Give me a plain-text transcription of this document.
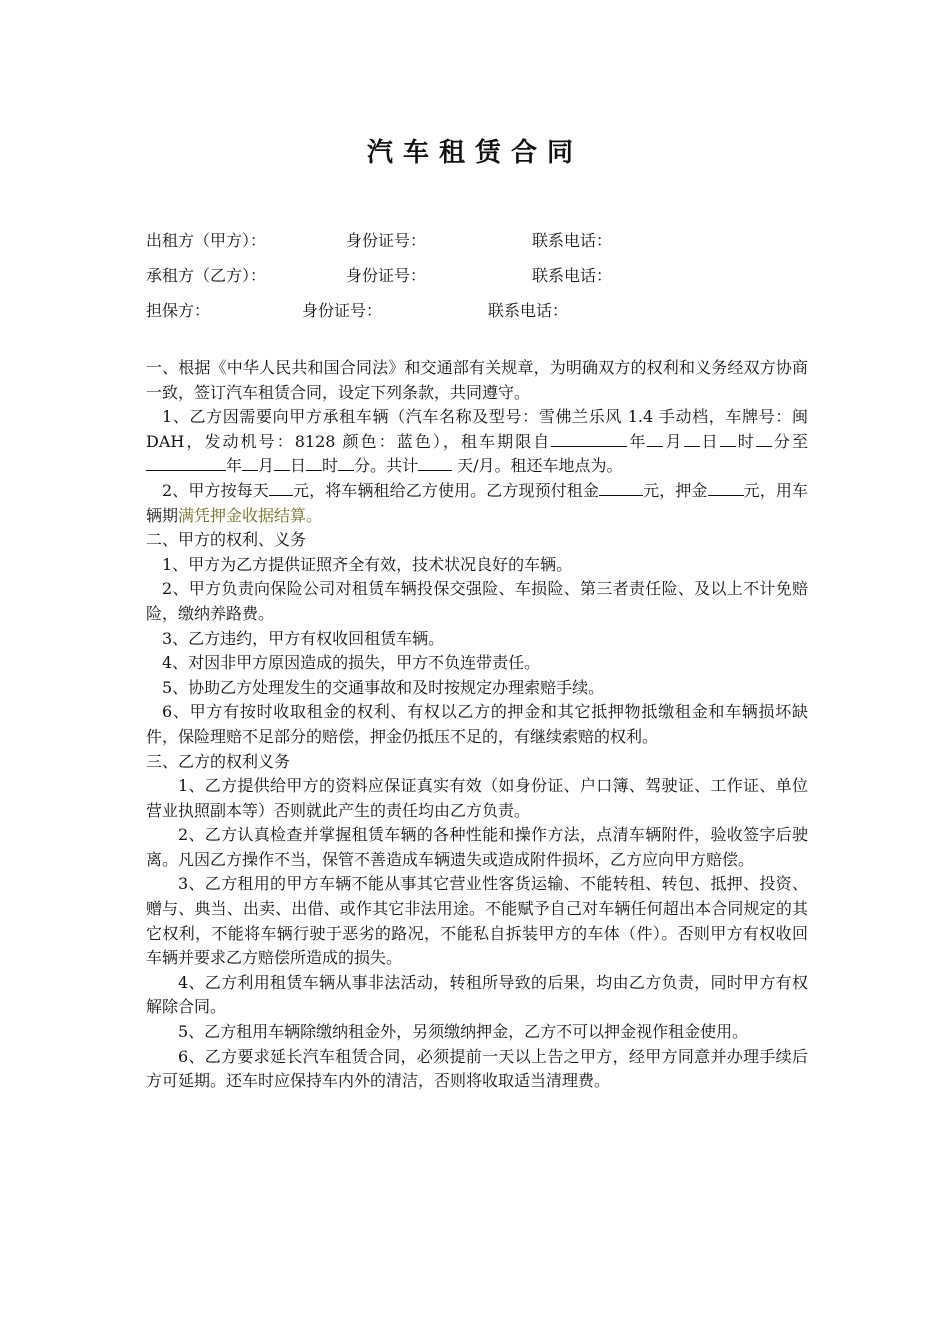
汽车租赁合同
出租方（甲方）：	身份证号：	联系电话：
承租方（乙方）：	身份证号：	联系电话：
担保方：	身份证号：	联系电话：

一、根据《中华人民共和国合同法》和交通部有关规章，为明确双方的权利和义务经双方协商一致，签订汽车租赁合同，设定下列条款，共同遵守。

1、乙方因需要向甲方承租车辆（汽车名称及型号：雪佛兰乐风 1.4 手动档，车牌号：闽 DAH，发动机号：8128 颜色：蓝色），租车期限自	年 月 日 时 分至年 月 日 时 分。共计 天/月。租还车地点为。

2、甲方按每天 元，将车辆租给乙方使用。乙方现预付租金	元，押金 元，用车辆期满凭押金收据结算。

二、甲方的权利、义务

1、甲方为乙方提供证照齐全有效，技术状况良好的车辆。

2、甲方负责向保险公司对租赁车辆投保交强险、车损险、第三者责任险、及以上不计免赔险，缴纳养路费。

3、乙方违约，甲方有权收回租赁车辆。

4、对因非甲方原因造成的损失，甲方不负连带责任。

5、协助乙方处理发生的交通事故和及时按规定办理索赔手续。

6、甲方有按时收取租金的权利、有权以乙方的押金和其它抵押物抵缴租金和车辆损坏缺件，保险理赔不足部分的赔偿，押金仍抵压不足的，有继续索赔的权利。

三、乙方的权利义务

1、乙方提供给甲方的资料应保证真实有效（如身份证、户口簿、驾驶证、工作证、单位营业执照副本等）否则就此产生的责任均由乙方负责。

2、乙方认真检查并掌握租赁车辆的各种性能和操作方法，点清车辆附件，验收签字后驶离。凡因乙方操作不当，保管不善造成车辆遗失或造成附件损坏，乙方应向甲方赔偿。

3、乙方租用的甲方车辆不能从事其它营业性客货运输、不能转租、转包、抵押、投资、赠与、典当、出卖、出借、或作其它非法用途。不能赋予自己对车辆任何超出本合同规定的其它权利，不能将车辆行驶于恶劣的路况，不能私自拆装甲方的车体（件）。否则甲方有权收回车辆并要求乙方赔偿所造成的损失。

4、乙方利用租赁车辆从事非法活动，转租所导致的后果，均由乙方负责，同时甲方有权解除合同。

5、乙方租用车辆除缴纳租金外，另须缴纳押金，乙方不可以押金视作租金使用。

6、乙方要求延长汽车租赁合同，必须提前一天以上告之甲方，经甲方同意并办理手续后方可延期。还车时应保持车内外的清洁，否则将收取适当清理费。
